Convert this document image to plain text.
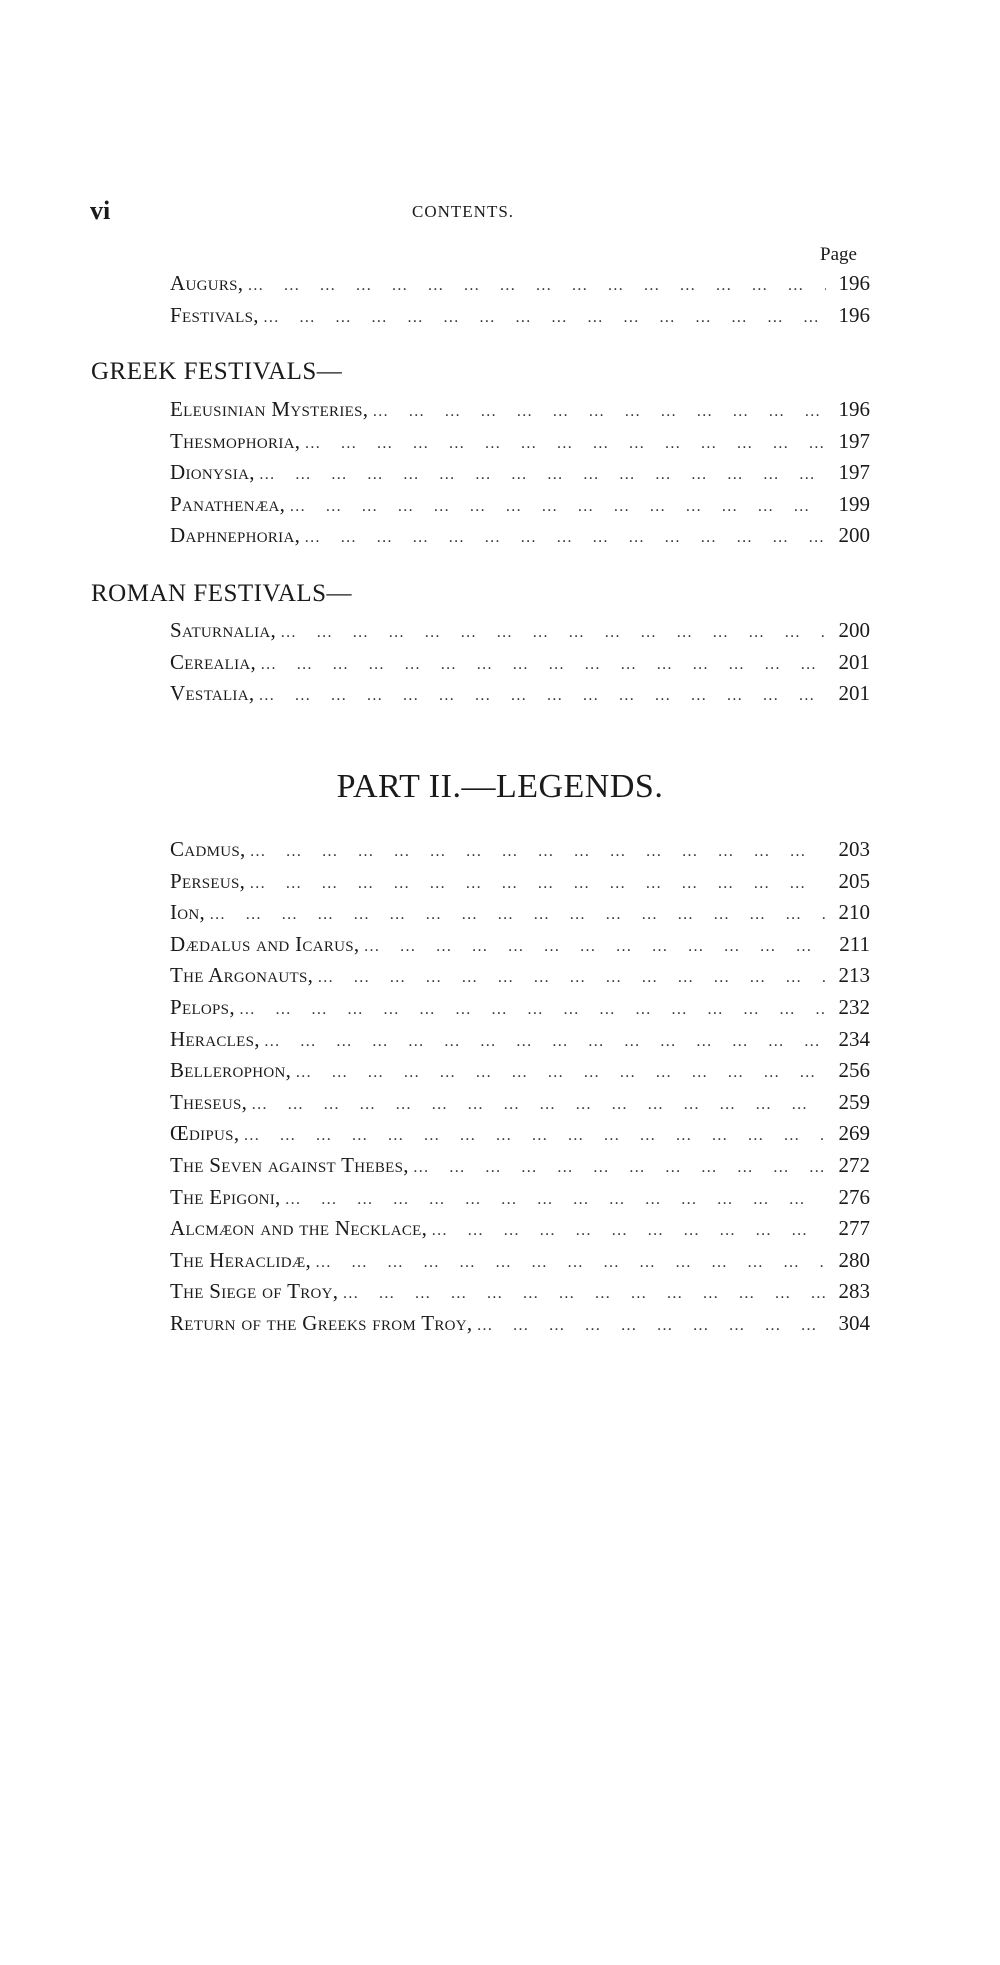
vi	CONTENTS.
Page
Augurs, … … … … … … … … … … … … … … … … … … … … … …	196
Festivals, … … … … … … … … … … … … … … … … … … … … … …	196
GREEK FESTIVALS—
Eleusinian Mysteries, … … … … … … … … … … … … … … … … … … … … … …	196
Thesmophoria, … … … … … … … … … … … … … … … … … … … … … …	197
Dionysia, … … … … … … … … … … … … … … … … … … … … … …	197
Panathenæa, … … … … … … … … … … … … … … … … … … … … … …	199
Daphnephoria, … … … … … … … … … … … … … … … … … … … … … …	200
ROMAN FESTIVALS—
Saturnalia, … … … … … … … … … … … … … … … … … … … … … …	200
Cerealia, … … … … … … … … … … … … … … … … … … … … … …	201
Vestalia, … … … … … … … … … … … … … … … … … … … … … …	201
PART II.—LEGENDS.
Cadmus, … … … … … … … … … … … … … … … … … … … … … …	203
Perseus, … … … … … … … … … … … … … … … … … … … … … …	205
Ion, … … … … … … … … … … … … … … … … … … … … … …	210
Dædalus and Icarus, … … … … … … … … … … … … … … … … … … … … … …	211
The Argonauts, … … … … … … … … … … … … … … … … … … … … … …	213
Pelops, … … … … … … … … … … … … … … … … … … … … … …	232
Heracles, … … … … … … … … … … … … … … … … … … … … … …	234
Bellerophon, … … … … … … … … … … … … … … … … … … … … … …	256
Theseus, … … … … … … … … … … … … … … … … … … … … … …	259
Œdipus, … … … … … … … … … … … … … … … … … … … … … …	269
The Seven against Thebes, … … … … … … … … … … … … … … … … … … … … … …	272
The Epigoni, … … … … … … … … … … … … … … … … … … … … … …	276
Alcmæon and the Necklace, … … … … … … … … … … … … … … … … … … … … … …	277
The Heraclidæ, … … … … … … … … … … … … … … … … … … … … … …	280
The Siege of Troy, … … … … … … … … … … … … … … … … … … … … … …	283
Return of the Greeks from Troy, … … … … … … … … … … … … … … … … … … … … … …	304
